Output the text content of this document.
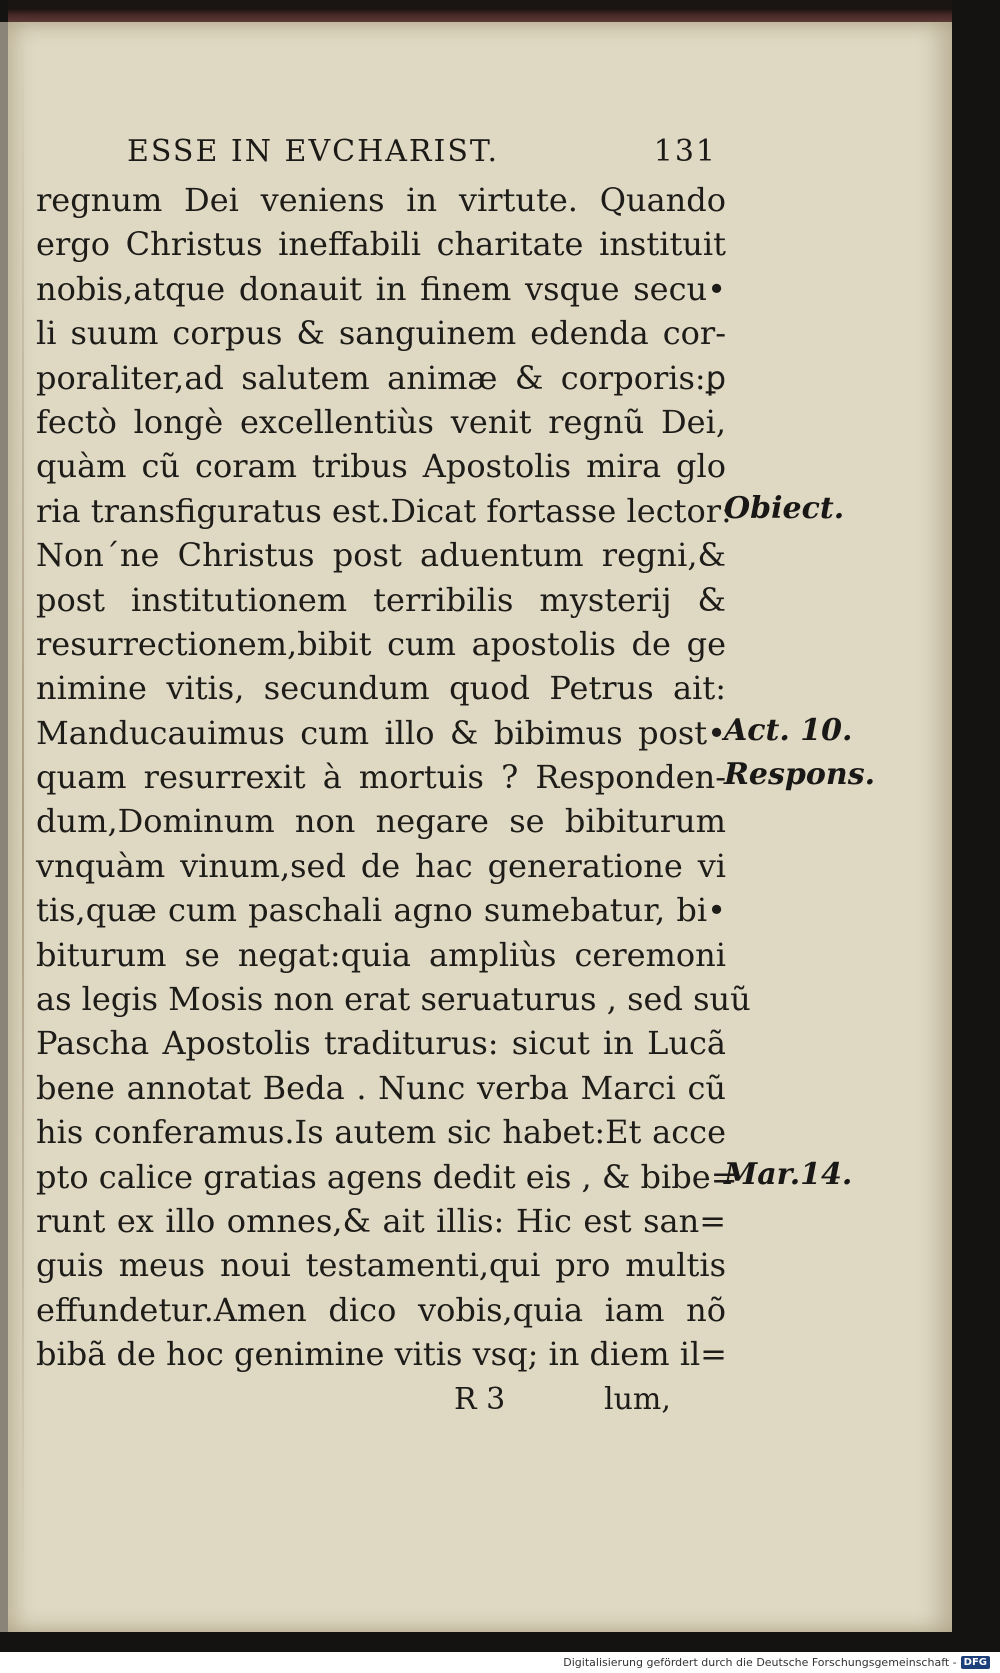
ESSE IN EVCHARIST.	131
regnum Dei veniens in virtute. Quando
ergo Christus ineffabili charitate instituit
nobis,atque donauit in finem vsque secu•
li suum corpus & sanguinem edenda cor-
poraliter,ad salutem animæ & corporis:ꝑ
fectò longè excellentiùs venit regnũ Dei,
quàm cũ coram tribus Apostolis mira glo
ria transfiguratus est.Dicat fortasse lector:
Non´ne Christus post aduentum regni,&
post institutionem terribilis mysterij &
resurrectionem,bibit cum apostolis de ge
nimine vitis, secundum quod Petrus ait:
Manducauimus cum illo & bibimus post•
quam resurrexit à mortuis ? Responden-
dum,Dominum non negare se bibiturum
vnquàm vinum,sed de hac generatione vi
tis,quæ cum paschali agno sumebatur, bi•
biturum se negat:quia ampliùs ceremoni
as legis Mosis non erat seruaturus , sed suũ
Pascha Apostolis traditurus: sicut in Lucã
bene annotat Beda . Nunc verba Marci cũ
his conferamus.Is autem sic habet:Et acce
pto calice gratias agens dedit eis , & bibe=
runt ex illo omnes,& ait illis: Hic est san=
guis meus noui testamenti,qui pro multis
effundetur.Amen dico vobis,quia iam nõ
bibã de hoc genimine vitis vsq; in diem il=
Obiect.
Act. 10.
Respons.
Mar.14.
R 3	lum,
Digitalisierung gefördert durch die Deutsche Forschungsgemeinschaft - DFG
